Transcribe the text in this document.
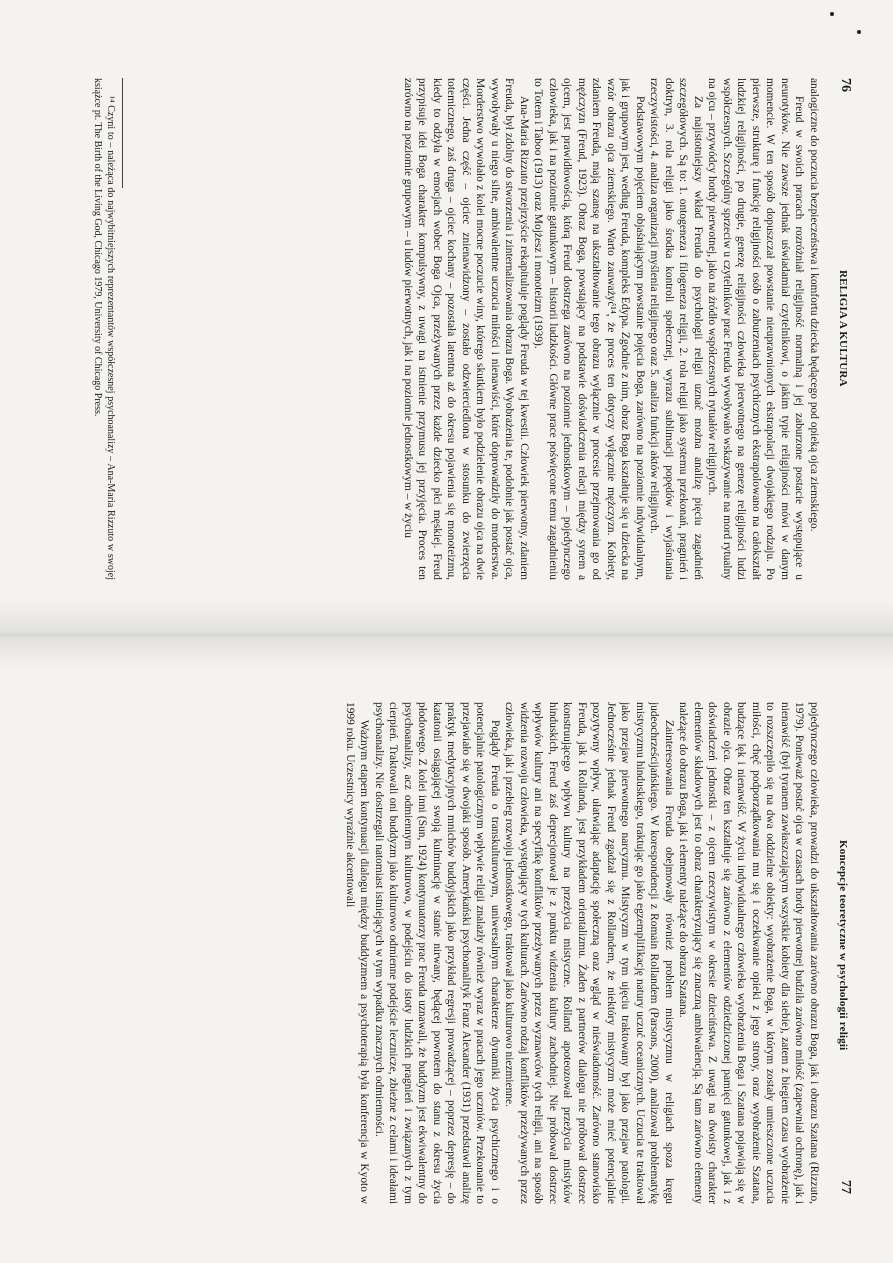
76
RELIGIA A KULTURA

analogiczne do poczucia bezpieczeństwa i komfortu dziecka będącego pod opieką ojca ziemskiego.

Freud w swoich pracach rozróżniał religijność normalną i jej zaburzone postacie występujące u neurotyków. Nie zawsze jednak uświadamiał czytelnikowi, o jakim typie religijności mówi w danym momencie. W ten sposób dopuszczał powstanie nieuprawnionych ekstrapolacji dwojakiego rodzaju. Po pierwsze, strukturę i funkcję religijności osób o zaburzeniach psychicznych ekstrapolowano na całokształt ludzkiej religijności, po drugie, genezę religijności człowieka pierwotnego na genezę religijności ludzi współczesnych. Szczególny sprzeciw u czytelników prac Freuda wywoływało wskazywanie na mord rytualny na ojcu – przywódcy hordy pierwotnej, jako na źródło współczesnych rytuałów religijnych.

Za najistotniejszy wkład Freuda do psychologii religii uznać można analizę pięciu zagadnień szczegółowych. Są to: 1. ontogeneza i filogeneza religii, 2. rola religii jako systemu przekonań, pragnień i doktryn, 3. rola religii jako środka kontroli społecznej, wyrazu sublimacji popędów i wyjaśniania rzeczywistości, 4. analiza organizacji myślenia religijnego oraz 5. analiza funkcji aktów religijnych.

Podstawowym pojęciem objaśniającym powstanie pojęcia Boga, zarówno na poziomie indywidualnym, jak i grupowym jest, według Freuda, kompleks Edypa. Zgodnie z nim, obraz Boga kształtuje się u dziecka na wzór obrazu ojca ziemskiego. Warto zauważyć¹⁴, że proces ten dotyczy wyłącznie mężczyzn. Kobiety, zdaniem Freuda, mają szansę na ukształtowanie tego obrazu wyłącznie w procesie przejmowania go od mężczyzn (Freud, 1923). Obraz Boga, powstający na podstawie doświadczenia relacji między synem a ojcem, jest prawidłowością, którą Freud dostrzega zarówno na poziomie jednostkowym – pojedynczego człowieka, jak i na poziomie gatunkowym – historii ludzkości. Główne prace poświęcone temu zagadnieniu to Totem i Taboo (1913) oraz Mojżesz i monoteizm (1939).

Ana-Maria Rizzuto przejrzyście rekapituluje poglądy Freuda w tej kwestii. Człowiek pierwotny, zdaniem Freuda, był zdolny do stworzenia i zinternalizowania obrazu Boga. Wyobrażenia te, podobnie jak postać ojca, wywoływały u niego silne, ambiwalentne uczucia miłości i nienawiści, które doprowadziły do morderstwa. Morderstwo wywołało z kolei mocne poczucie winy, którego skutkiem było podzielenie obrazu ojca na dwie części. Jedna część – ojciec znienawidzony – zostało odzwierciedlona w stosunku do zwierzęcia totemicznego, zaś druga – ojciec kochany – pozostała latentna aż do okresu pojawienia się monoteizmu, kiedy to odżyła w emocjach wobec Boga Ojca, przeżywanych przez każde dziecko płci męskiej. Freud przypisuje idei Boga charakter kompulsywny, z uwagi na istnienie przymusu jej przyjęcia. Proces ten zarówno na poziomie grupowym – u ludów pierwotnych, jak i na poziomie jednostkowym – w życiu

¹⁴ Czyni to – należąca do najwybitniejszych reprezentantów współczesnej psychoanalizy – Ana-Maria Rizzuto w swojej książce pt. The Birth of the Living God, Chicago 1979, University of Chicago Press.

Koncepcje teoretyczne w psychologii religii
77

pojedynczego człowieka, prowadzi do ukształtowania zarówno obrazu Boga, jak i obrazu Szatana (Rizzuto, 1979). Ponieważ postać ojca w czasach hordy pierwotnej budziła zarówno miłość (zapewniał ochronę), jak i nienawiść (był tyranem zawłaszczającym wszystkie kobiety dla siebie), zatem z biegiem czasu wyobrażenie to rozszczepiło się na dwa oddzielne obiekty: wyobrażenie Boga, w którym zostały umieszczone uczucia miłości, chęć podporządkowania mu się i oczekiwanie opieki z jego strony, oraz wyobrażenie Szatana, budzące lęk i nienawiść. W życiu indywidualnego człowieka wyobrażenia Boga i Szatana pojawiają się w obrazie ojca. Obraz ten kształtuje się zarówno z elementów odziedziczonej pamięci gatunkowej, jak i z doświadczeń jednostki – z ojcem rzeczywistym w okresie dzieciństwa. Z uwagi na dwoisty charakter elementów składowych jest to obraz charakteryzujący się znaczną ambiwalencją. Są tam zarówno elementy należące do obrazu Boga, jak i elementy należące do obrazu Szatana.

Zainteresowania Freuda obejmowały również problem mistycyzmu w religiach spoza kręgu judeochrześcijańskiego. W korespondencji z Romain Rollandem (Parsons, 2000), analizował problematykę mistycyzmu hinduskiego, traktując go jako egzemplifikację natury uczuć oceanicznych. Uczucia te traktował jako przejaw pierwotnego narcyzmu. Mistycyzm w tym ujęciu traktowany był jako przejaw patologii. Jednocześnie jednak Freud zgadzał się z Rollandem, że niektóry mistycyzm może mieć potencjalnie pozytywny wpływ, ułatwiając adaptację społeczną oraz wgląd w nieświadomość. Zarówno stanowisko Freuda, jak i Rollanda, jest przykładem orientalizmu. Żaden z partnerów dialogu nie próbował dostrzec konstruującego wpływu kultury na przeżycia mistyczne. Rolland apoteozował przeżycia mistyków hinduskich, Freud zaś deprecjonował je z punktu widzenia kultury zachodniej. Nie próbował dostrzec wpływów kultury ani na specyfikę konfliktów przeżywanych przez wyznawców tych religii, ani na sposób widzenia rozwoju człowieka, występujący w tych kulturach. Zarówno rodzaj konfliktów przeżywanych przez człowieka, jak i przebieg rozwoju jednostkowego, traktował jako kulturowo niezmienne.

Poglądy Freuda o transkulturowym, uniwersalnym charakterze dynamiki życia psychicznego i o potencjalnie patologicznym wpływie religii znalazły również wyraz w pracach jego uczniów. Przekonanie to przejawiało się w dwojaki sposób. Amerykański psychoanalityk Franz Alexander (1931) przedstawił analizę praktyk medytacyjnych mnichów buddyjskich jako przykład regresji prowadzącej – poprzez depresję – do katatonii osiągającej swoją kulminację w stanie nirwany, będącej powrotem do stanu z okresu życia płodowego. Z kolei inni (Sun, 1924) kontynuatorzy prac Freuda uznawali, że buddyzm jest ekwiwalentny do psychoanalizy, acz odmiennym kulturowo, w podejściu do istoty ludzkich pragnień i związanych z tym cierpień. Traktowali oni buddyzm jako kulturowo odmienne podejście lecznicze, zbieżne z celami i ideałami psychoanalizy. Nie dostrzegali natomiast istniejących w tym wypadku znacznych odmienności.

Ważnym etapem kontynuacji dialogu między buddyzmem a psychoterapią była konferencja w Kyoto w 1999 roku. Uczestnicy wyraźnie akcentowali
